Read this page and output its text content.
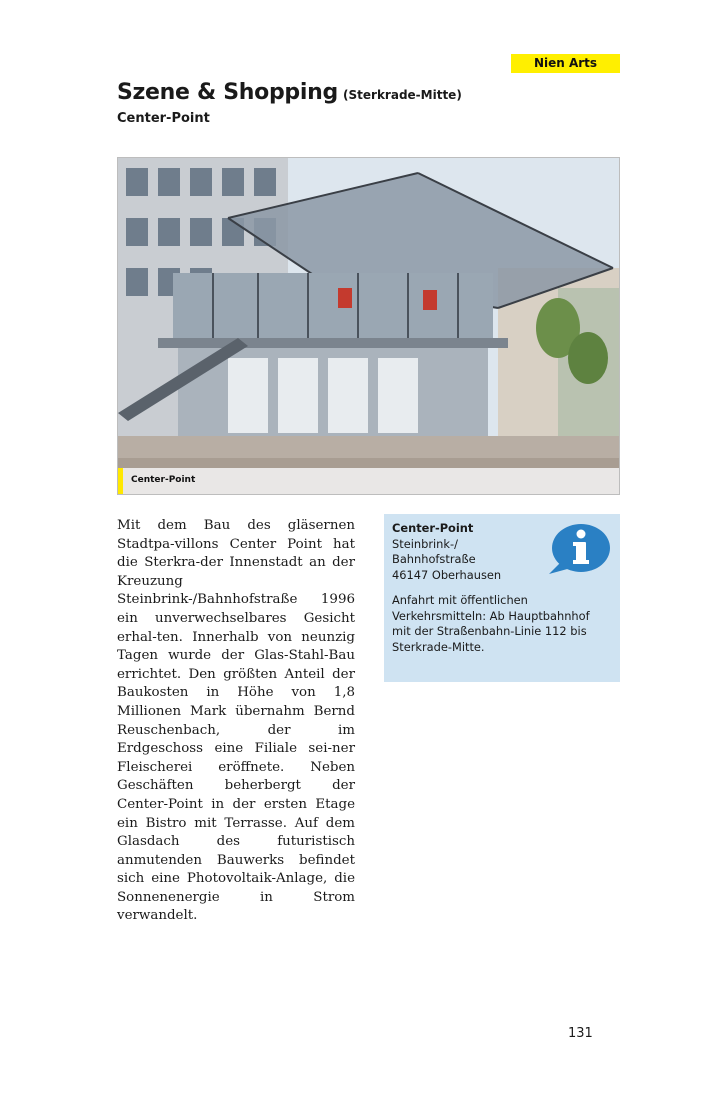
Nien Arts
Szene & Shopping (Sterkrade-Mitte)
Center-Point
Center-Point
Mit dem Bau des gläsernen Stadtpa-villons Center Point hat die Sterkra-der Innenstadt an der Kreuzung Steinbrink-/Bahnhofstraße 1996 ein unverwechselbares Gesicht erhal-ten. Innerhalb von neunzig Tagen wurde der Glas-Stahl-Bau errichtet. Den größten Anteil der Baukosten in Höhe von 1,8 Millionen Mark übernahm Bernd Reuschenbach, der im Erdgeschoss eine Filiale sei-ner Fleischerei eröffnete. Neben Geschäften beherbergt der Center-Point in der ersten Etage ein Bistro mit Terrasse. Auf dem Glasdach des futuristisch anmutenden Bauwerks befindet sich eine Photovoltaik-Anlage, die Sonnenenergie in Strom verwandelt.
Center-Point
Steinbrink-/
Bahnhofstraße
46147 Oberhausen
Anfahrt mit öffentlichen
Verkehrsmitteln: Ab Hauptbahnhof
mit der Straßenbahn-Linie 112 bis
Sterkrade-Mitte.
131
